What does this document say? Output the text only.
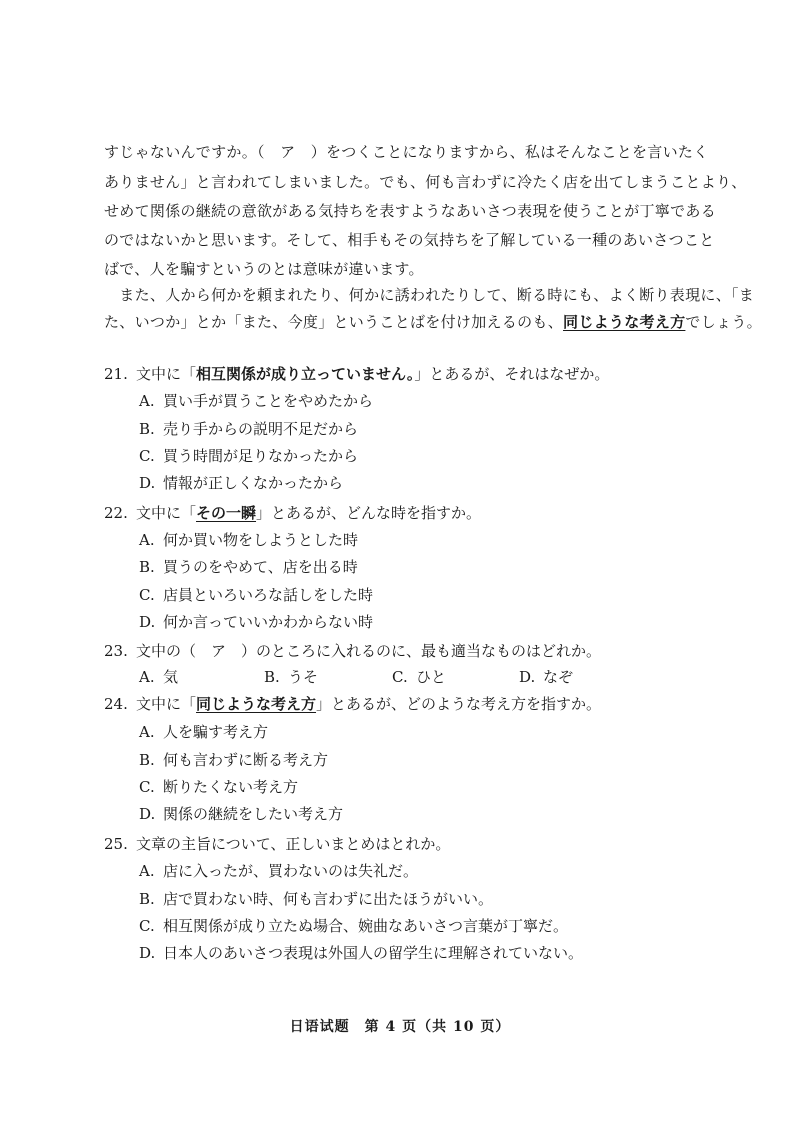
すじゃないんですか。（　ア　）をつくことになりますから、私はそんなことを言いたく
ありません」と言われてしまいました。でも、何も言わずに冷たく店を出てしまうことより、
せめて関係の継続の意欲がある気持ちを表すようなあいさつ表現を使うことが丁寧である
のではないかと思います。そして、相手もその気持ちを了解している一種のあいさつこと
ばで、人を騙すというのとは意味が違います。
　また、人から何かを頼まれたり、何かに誘われたりして、断る時にも、よく断り表現に、「ま
た、いつか」とか「また、今度」ということばを付け加えるのも、同じような考え方でしょう。
21. 文中に「相互関係が成り立っていません。」とあるが、それはなぜか。
A. 買い手が買うことをやめたから
B. 売り手からの説明不足だから
C. 買う時間が足りなかったから
D. 情報が正しくなかったから
22. 文中に「その一瞬」とあるが、どんな時を指すか。
A. 何か買い物をしようとした時
B. 買うのをやめて、店を出る時
C. 店員といろいろな話しをした時
D. 何か言っていいかわからない時
23. 文中の（　ア　）のところに入れるのに、最も適当なものはどれか。
A. 気	B. うそ	C. ひと	D. なぞ
24. 文中に「同じような考え方」とあるが、どのような考え方を指すか。
A. 人を騙す考え方
B. 何も言わずに断る考え方
C. 断りたくない考え方
D. 関係の継続をしたい考え方
25. 文章の主旨について、正しいまとめはとれか。
A. 店に入ったが、買わないのは失礼だ。
B. 店で買わない時、何も言わずに出たほうがいい。
C. 相互関係が成り立たぬ場合、婉曲なあいさつ言葉が丁寧だ。
D. 日本人のあいさつ表現は外国人の留学生に理解されていない。
日语试题　第 4 页（共 10 页）
